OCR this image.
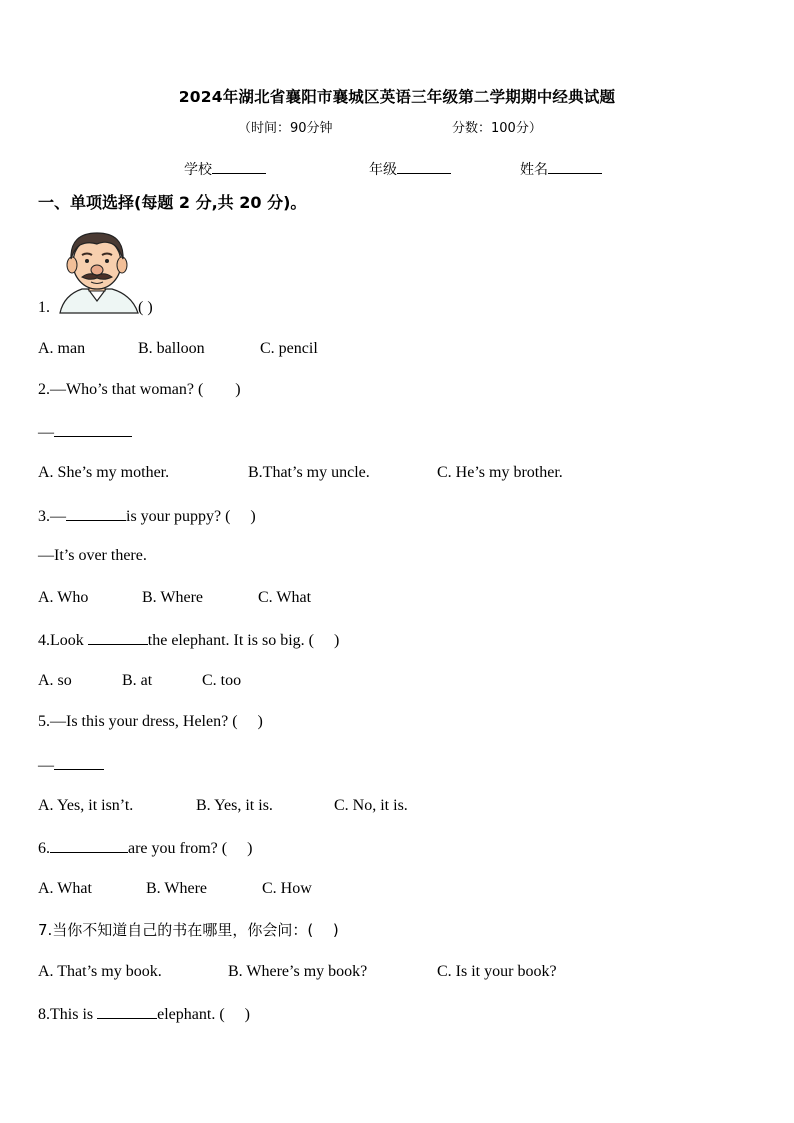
2024年湖北省襄阳市襄城区英语三年级第二学期期中经典试题
（时间：90分钟	分数：100分）
学校	年级	姓名
一、单项选择(每题 2 分,共 20 分)。
1.	( )
A. man	B. balloon	C. pencil
2.—Who’s that woman? (　　)
—
A. She’s my mother.	B.That’s my uncle.	C. He’s my brother.
3.—	is your puppy? (　 )
—It’s over there.
A. Who	B. Where	C. What
4.Look	the elephant. It is so big. (　 )
A. so	B. at	C. too
5.—Is this your dress, Helen? (　 )
—
A. Yes, it isn’t.	B. Yes, it is.	C. No, it is.
6.	are you from? (　 )
A. What	B. Where	C. How
7.当你不知道自己的书在哪里，你会问：(　 )
A. That’s my book.	B. Where’s my book?	C. Is it your book?
8.This is	elephant. (　 )
